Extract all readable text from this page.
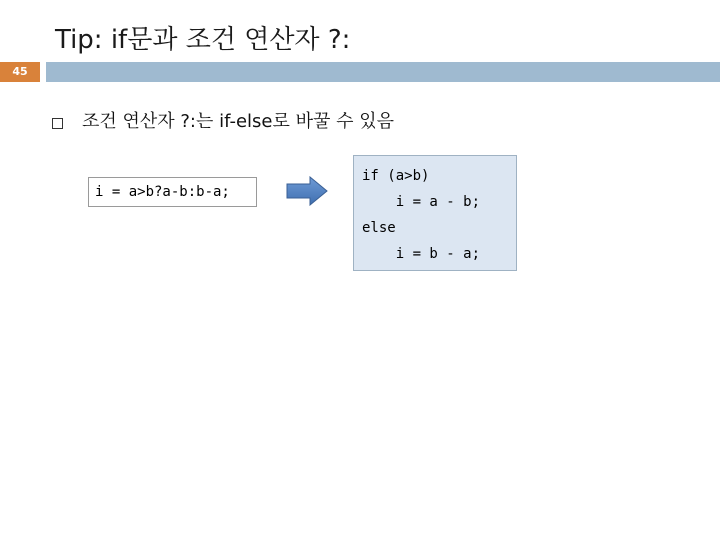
Tip: if문과 조건 연산자 ?:
45
조건 연산자 ?:는 if-else로 바꿀 수 있음
i = a>b?a-b:b-a;
if (a>b)
i = a - b;
else
i = b - a;
